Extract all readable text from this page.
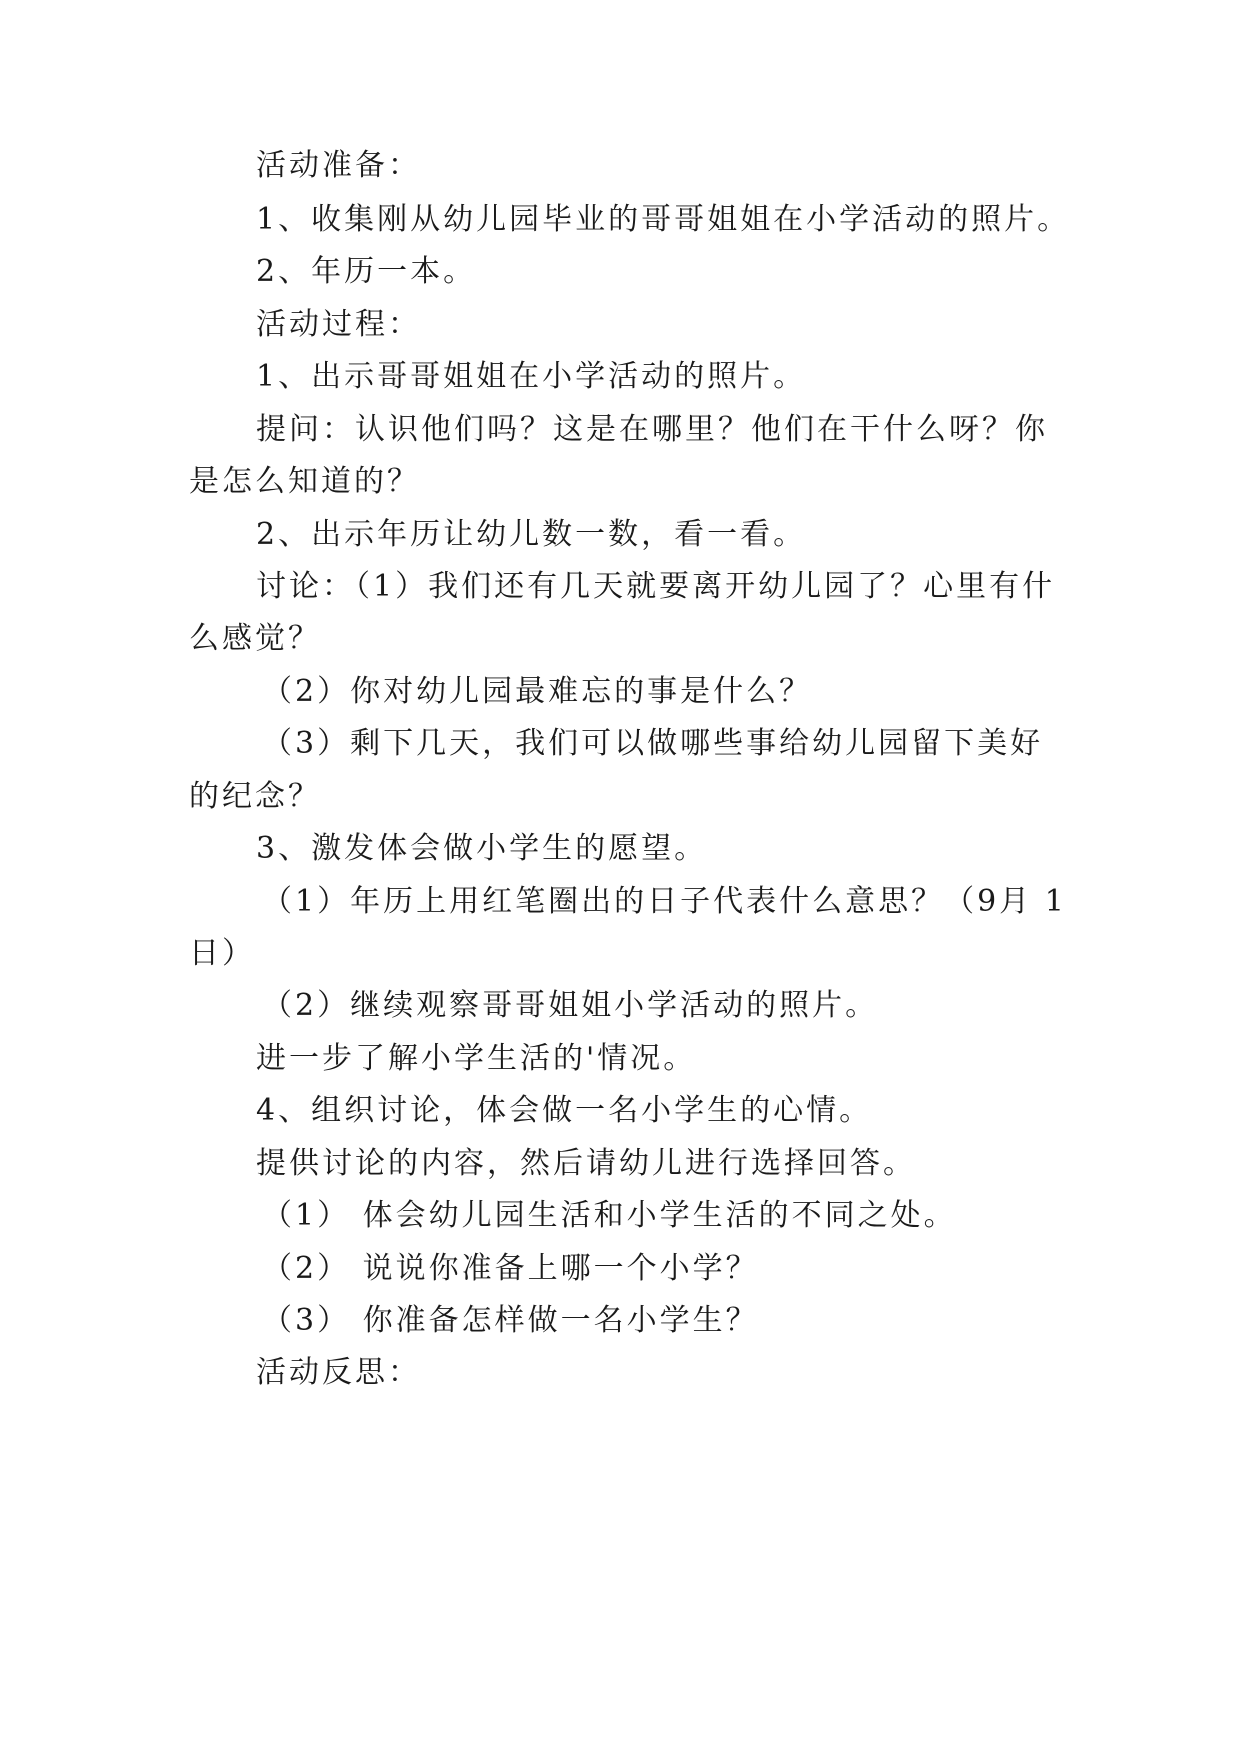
活动准备：
1、收集刚从幼儿园毕业的哥哥姐姐在小学活动的照片。
2、年历一本。
活动过程：
1、出示哥哥姐姐在小学活动的照片。
提问：认识他们吗？这是在哪里？他们在干什么呀？你
是怎么知道的？
2、出示年历让幼儿数一数，看一看。
讨论：（1）我们还有几天就要离开幼儿园了？心里有什
么感觉？
（2）你对幼儿园最难忘的事是什么？
（3）剩下几天，我们可以做哪些事给幼儿园留下美好
的纪念？
3、激发体会做小学生的愿望。
（1）年历上用红笔圈出的日子代表什么意思？（9月 1
日）
（2）继续观察哥哥姐姐小学活动的照片。
进一步了解小学生活的'情况。
4、组织讨论，体会做一名小学生的心情。
提供讨论的内容，然后请幼儿进行选择回答。
（1） 体会幼儿园生活和小学生活的不同之处。
（2） 说说你准备上哪一个小学？
（3） 你准备怎样做一名小学生？
活动反思：
